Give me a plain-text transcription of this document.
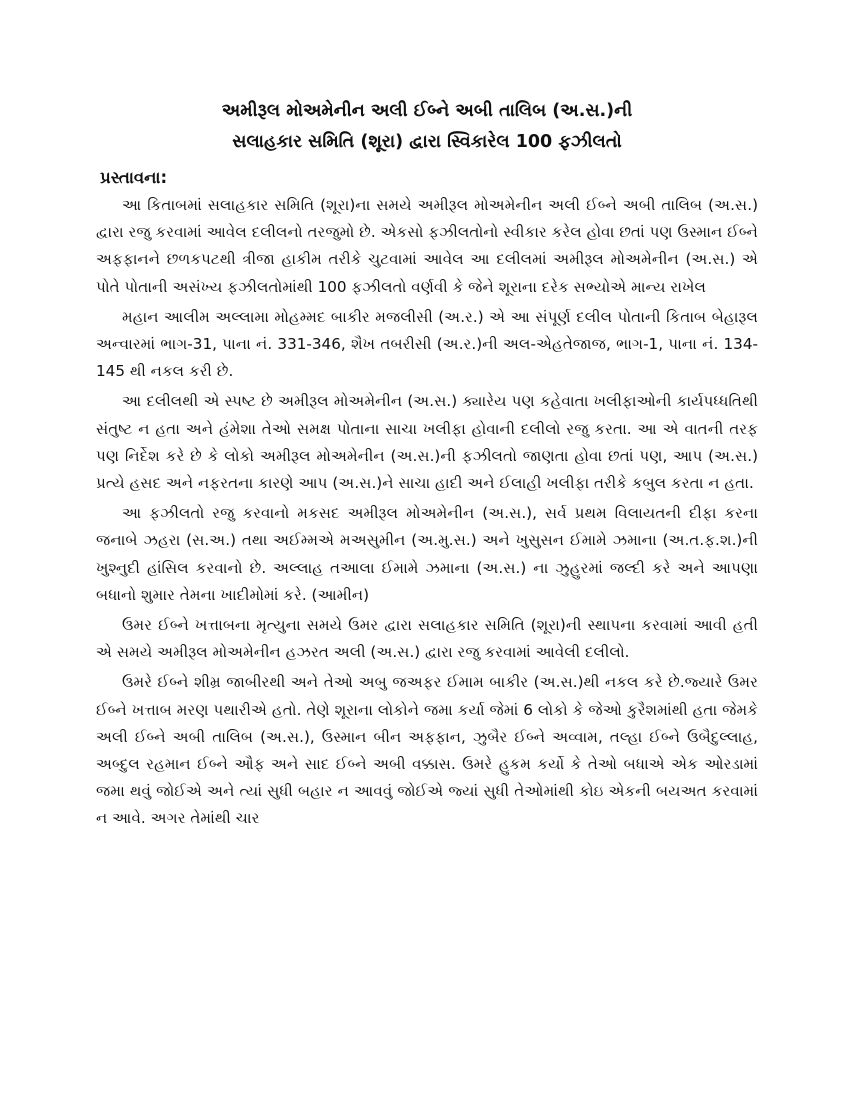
અમીરૂલ મોઅમેનીન અલી ઈબ્ને અબી તાલિબ (અ.સ.)ની
સલાહકાર સમિતિ (શૂરા) દ્વારા સ્વિકારેલ 100 ફઝીલતો
પ્રસ્તાવના:

આ કિતાબમાં સલાહકાર સમિતિ (શૂરા)ના સમયે અમીરૂલ મોઅમેનીન અલી ઈબ્ને અબી તાલિબ (અ.સ.) દ્વારા રજુ કરવામાં આવેલ દલીલનો તરજુમો છે. એકસો ફઝીલતોનો સ્વીકાર કરેલ હોવા છતાં પણ ઉસ્માન ઈબ્ને અફફાનને છળકપટથી ત્રીજા હાકીમ તરીકે ચુટવામાં આવેલ આ દલીલમાં અમીરૂલ મોઅમેનીન (અ.સ.) એ પોતે પોતાની અસંખ્ય ફઝીલતોમાંથી 100 ફઝીલતો વર્ણવી કે જેને શૂરાના દરેક સભ્યોએ માન્ય રાખેલ

મહાન આલીમ અલ્લામા મોહમ્મદ બાકીર મજલીસી (અ.ર.) એ આ સંપૂર્ણ દલીલ પોતાની કિતાબ બેહારૂલ અન્વારમાં ભાગ-31, પાના નં. 331-346, શૈખ તબરીસી (અ.ર.)ની અલ-એહતેજાજ, ભાગ-1, પાના નં. 134-145 થી નકલ કરી છે.

આ દલીલથી એ સ્પષ્ટ છે અમીરૂલ મોઅમેનીન (અ.સ.) ક્યારેય પણ કહેવાતા ખલીફાઓની કાર્યપધ્ધતિથી સંતુષ્ટ ન હતા અને હંમેશા તેઓ સમક્ષ પોતાના સાચા ખલીફા હોવાની દલીલો રજુ કરતા. આ એ વાતની તરફ પણ નિર્દેશ કરે છે કે લોકો અમીરૂલ મોઅમેનીન (અ.સ.)ની ફઝીલતો જાણતા હોવા છતાં પણ, આપ (અ.સ.) પ્રત્યે હસદ અને નફરતના કારણે આપ (અ.સ.)ને સાચા હાદી અને ઈલાહી ખલીફા તરીકે કબુલ કરતા ન હતા.

આ ફઝીલતો રજુ કરવાનો મકસદ અમીરૂલ મોઅમેનીન (અ.સ.), સર્વ પ્રથમ વિલાયતની દીફા કરના જનાબે ઝહરા (સ.અ.) તથા અઈમ્મએ મઅસુમીન (અ.મુ.સ.) અને ખુસુસન ઈમામે ઝમાના (અ.ત.ફ.શ.)ની ખુશ્નુદી હાંસિલ કરવાનો છે. અલ્લાહ તઆલા ઈમામે ઝમાના (અ.સ.) ના ઝુહુરમાં જલ્દી કરે અને આપણા બધાનો શુમાર તેમના ખાદીમોમાં કરે. (આમીન)

ઉમર ઈબ્ને ખત્તાબના મૃત્યુના સમયે ઉમર દ્વારા સલાહકાર સમિતિ (શૂરા)ની સ્થાપના કરવામાં આવી હતી એ સમયે અમીરૂલ મોઅમેનીન હઝરત અલી (અ.સ.) દ્વારા રજુ કરવામાં આવેલી દલીલો.

ઉમરે ઈબ્ને શીમ્ર જાબીરથી અને તેઓ અબુ જઅફર ઈમામ બાકીર (અ.સ.)થી નકલ કરે છે.જ્યારે ઉમર ઈબ્ને ખત્તાબ મરણ પથારીએ હતો. તેણે શૂરાના લોકોને જમા કર્યા જેમાં 6 લોકો કે જેઓ કુરૈશમાંથી હતા જેમકે અલી ઈબ્ને અબી તાલિબ (અ.સ.), ઉસ્માન બીન અફફાન, ઝુબૈર ઈબ્ને અવ્વામ, તલ્હા ઈબ્ને ઉબૈદુલ્લાહ, અબ્દુલ રહમાન ઈબ્ને ઔફ અને સાદ ઈબ્ને અબી વક્કાસ. ઉમરે હુકમ કર્યો કે તેઓ બધાએ એક ઓરડામાં જમા થવું જોઈએ અને ત્યાં સુધી બહાર ન આવવું જોઈએ જ્યાં સુધી તેઓમાંથી કોઇ એકની બયઅત કરવામાં ન આવે. અગર તેમાંથી ચાર
